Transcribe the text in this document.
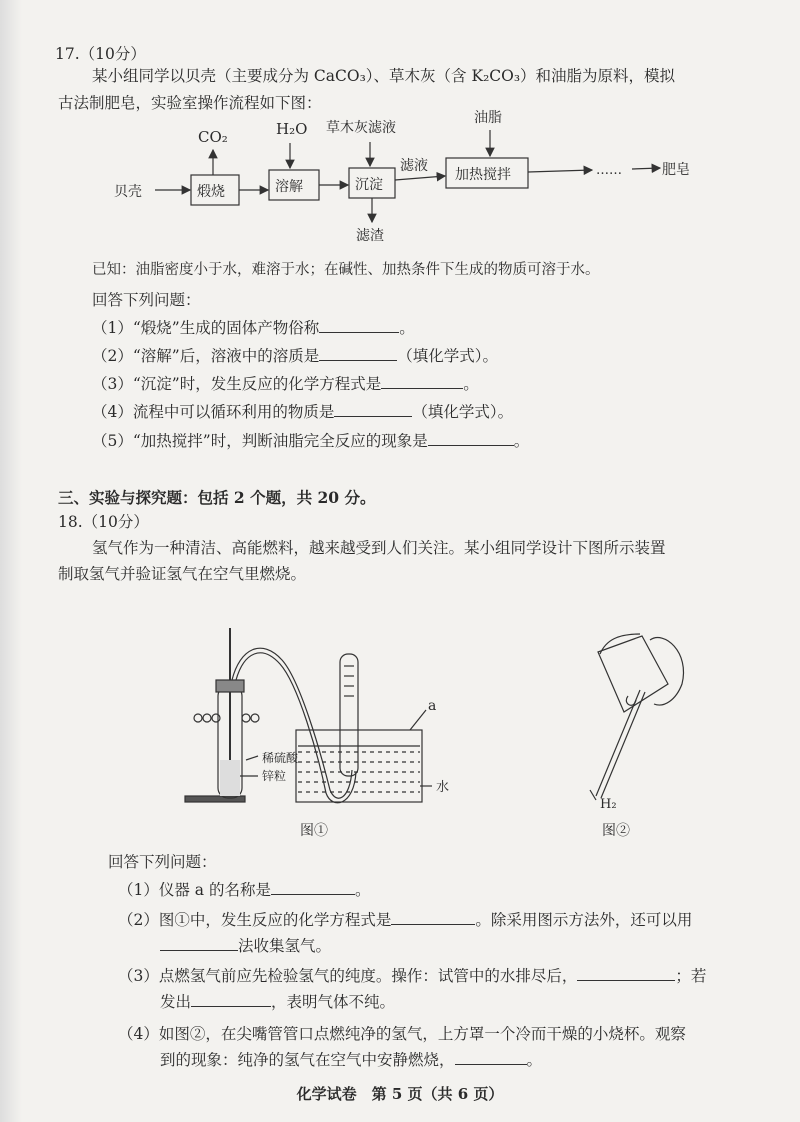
17.（10分）
某小组同学以贝壳（主要成分为 CaCO₃）、草木灰（含 K₂CO₃）和油脂为原料，模拟
古法制肥皂，实验室操作流程如下图：
贝壳	煅烧
CO₂
溶解
H₂O
沉淀
草木灰滤液
滤渣
滤液
加热搅拌
油脂
……	肥皂
已知：油脂密度小于水，难溶于水；在碱性、加热条件下生成的物质可溶于水。
回答下列问题：
（1）“煅烧”生成的固体产物俗称	。
（2）“溶解”后，溶液中的溶质是	（填化学式）。
（3）“沉淀”时，发生反应的化学方程式是	。
（4）流程中可以循环利用的物质是	（填化学式）。
（5）“加热搅拌”时，判断油脂完全反应的现象是	。
三、实验与探究题：包括 2 个题，共 20 分。
18.（10分）
氢气作为一种清洁、高能燃料，越来越受到人们关注。某小组同学设计下图所示装置
制取氢气并验证氢气在空气里燃烧。
稀硫酸
锌粒
a
水
H₂
图①	图②
回答下列问题：
（1）仪器 a 的名称是	。
（2）图①中，发生反应的化学方程式是	。除采用图示方法外，还可以用
法收集氢气。
（3）点燃氢气前应先检验氢气的纯度。操作：试管中的水排尽后，	；若
发出	，表明气体不纯。
（4）如图②，在尖嘴管管口点燃纯净的氢气，上方罩一个冷而干燥的小烧杯。观察
到的现象：纯净的氢气在空气中安静燃烧，	。
化学试卷　第 5 页（共 6 页）
